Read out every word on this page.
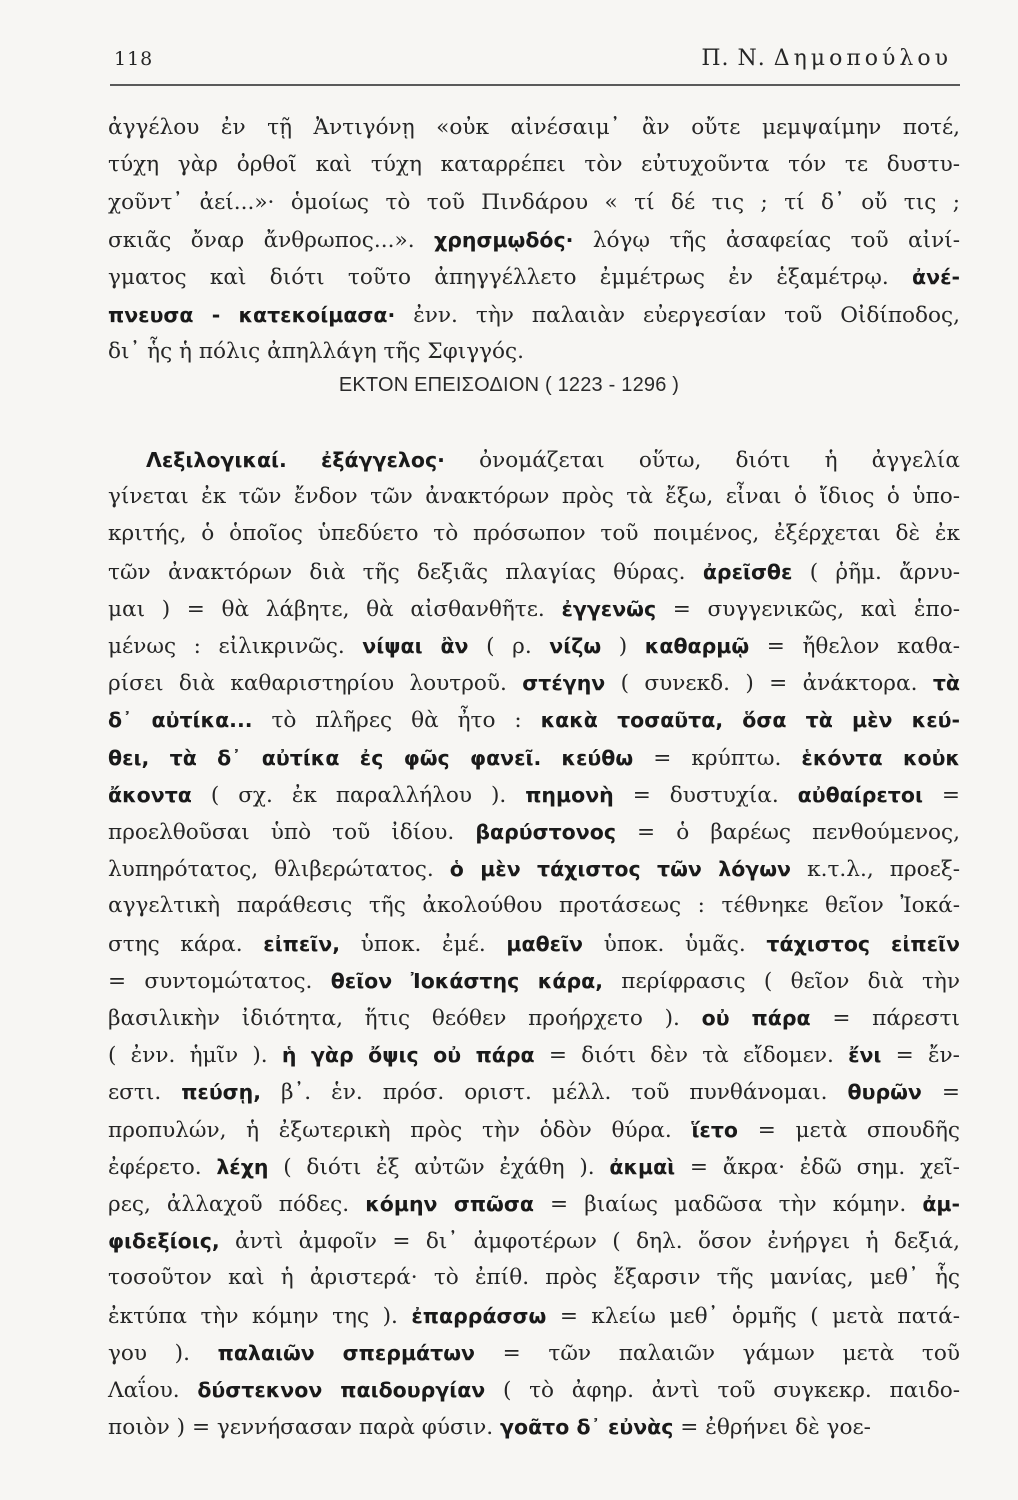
118	Π. Ν. Δημοπούλου
ἀγγέλου ἐν τῇ Ἀντιγόνῃ «οὐκ αἰνέσαιμ᾽ ἂν οὔτε μεμψαίμην ποτέ,
τύχη γὰρ ὀρθοῖ καὶ τύχη καταρρέπει τὸν εὐτυχοῦντα τόν τε δυστυ-
χοῦντ᾽ ἀεί...»· ὁμοίως τὸ τοῦ Πινδάρου « τί δέ τις ; τί δ᾽ οὔ τις ;
σκιᾶς ὄναρ ἄνθρωπος...». χρησμῳδός· λόγῳ τῆς ἀσαφείας τοῦ αἰνί-
γματος καὶ διότι τοῦτο ἀπηγγέλλετο ἐμμέτρως ἐν ἑξαμέτρῳ. ἀνέ-
πνευσα - κατεκοίμασα· ἐνν. τὴν παλαιὰν εὐεργεσίαν τοῦ Οἰδίποδος,
δι᾽ ἧς ἡ πόλις ἀπηλλάγη τῆς Σφιγγός.
ΕΚΤΟΝ ΕΠΕΙΣΟΔΙΟΝ ( 1223 - 1296 )
Λεξιλογικαί. ἐξάγγελος· ὀνομάζεται οὕτω, διότι ἡ ἀγγελία
γίνεται ἐκ τῶν ἔνδον τῶν ἀνακτόρων πρὸς τὰ ἔξω, εἶναι ὁ ἴδιος ὁ ὑπο-
κριτής, ὁ ὁποῖος ὑπεδύετο τὸ πρόσωπον τοῦ ποιμένος, ἐξέρχεται δὲ ἐκ
τῶν ἀνακτόρων διὰ τῆς δεξιᾶς πλαγίας θύρας. ἀρεῖσθε ( ῥῆμ. ἄρνυ-
μαι ) = θὰ λάβητε, θὰ αἰσθανθῆτε. ἐγγενῶς = συγγενικῶς, καὶ ἑπο-
μένως : εἰλικρινῶς. νίψαι ἂν ( ρ. νίζω ) καθαρμῷ = ἤθελον καθα-
ρίσει διὰ καθαριστηρίου λουτροῦ. στέγην ( συνεκδ. ) = ἀνάκτορα. τὰ
δ᾽ αὐτίκα... τὸ πλῆρες θὰ ἦτο : κακὰ τοσαῦτα, ὅσα τὰ μὲν κεύ-
θει, τὰ δ᾽ αὐτίκα ἐς φῶς φανεῖ. κεύθω = κρύπτω. ἑκόντα κοὐκ
ἄκοντα ( σχ. ἐκ παραλλήλου ). πημονὴ = δυστυχία. αὐθαίρετοι =
προελθοῦσαι ὑπὸ τοῦ ἰδίου. βαρύστονος = ὁ βαρέως πενθούμενος,
λυπηρότατος, θλιβερώτατος. ὁ μὲν τάχιστος τῶν λόγων κ.τ.λ., προεξ-
αγγελτικὴ παράθεσις τῆς ἀκολούθου προτάσεως : τέθνηκε θεῖον Ἰοκά-
στης κάρα. εἰπεῖν, ὑποκ. ἐμέ. μαθεῖν ὑποκ. ὑμᾶς. τάχιστος εἰπεῖν
= συντομώτατος. θεῖον Ἰοκάστης κάρα, περίφρασις ( θεῖον διὰ τὴν
βασιλικὴν ἰδιότητα, ἥτις θεόθεν προήρχετο ). οὐ πάρα = πάρεστι
( ἐνν. ἡμῖν ). ἡ γὰρ ὄψις οὐ πάρα = διότι δὲν τὰ εἴδομεν. ἔνι = ἔν-
εστι. πεύσῃ, β᾽. ἑν. πρόσ. οριστ. μέλλ. τοῦ πυνθάνομαι. θυρῶν =
προπυλών, ἡ ἐξωτερικὴ πρὸς τὴν ὁδὸν θύρα. ἵετο = μετὰ σπουδῆς
ἐφέρετο. λέχη ( διότι ἐξ αὐτῶν ἐχάθη ). ἀκμαὶ = ἄκρα· ἐδῶ σημ. χεῖ-
ρες, ἀλλαχοῦ πόδες. κόμην σπῶσα = βιαίως μαδῶσα τὴν κόμην. ἀμ-
φιδεξίοις, ἀντὶ ἀμφοῖν = δι᾽ ἀμφοτέρων ( δηλ. ὅσον ἐνήργει ἡ δεξιά,
τοσοῦτον καὶ ἡ ἀριστερά· τὸ ἐπίθ. πρὸς ἔξαρσιν τῆς μανίας, μεθ᾽ ἧς
ἐκτύπα τὴν κόμην της ). ἐπαρράσσω = κλείω μεθ᾽ ὁρμῆς ( μετὰ πατά-
γου ). παλαιῶν σπερμάτων = τῶν παλαιῶν γάμων μετὰ τοῦ
Λαΐου. δύστεκνον παιδουργίαν ( τὸ ἀφηρ. ἀντὶ τοῦ συγκεκρ. παιδο-
ποιὸν ) = γεννήσασαν παρὰ φύσιν. γοᾶτο δ᾽ εὐνὰς = ἐθρήνει δὲ γοε-
